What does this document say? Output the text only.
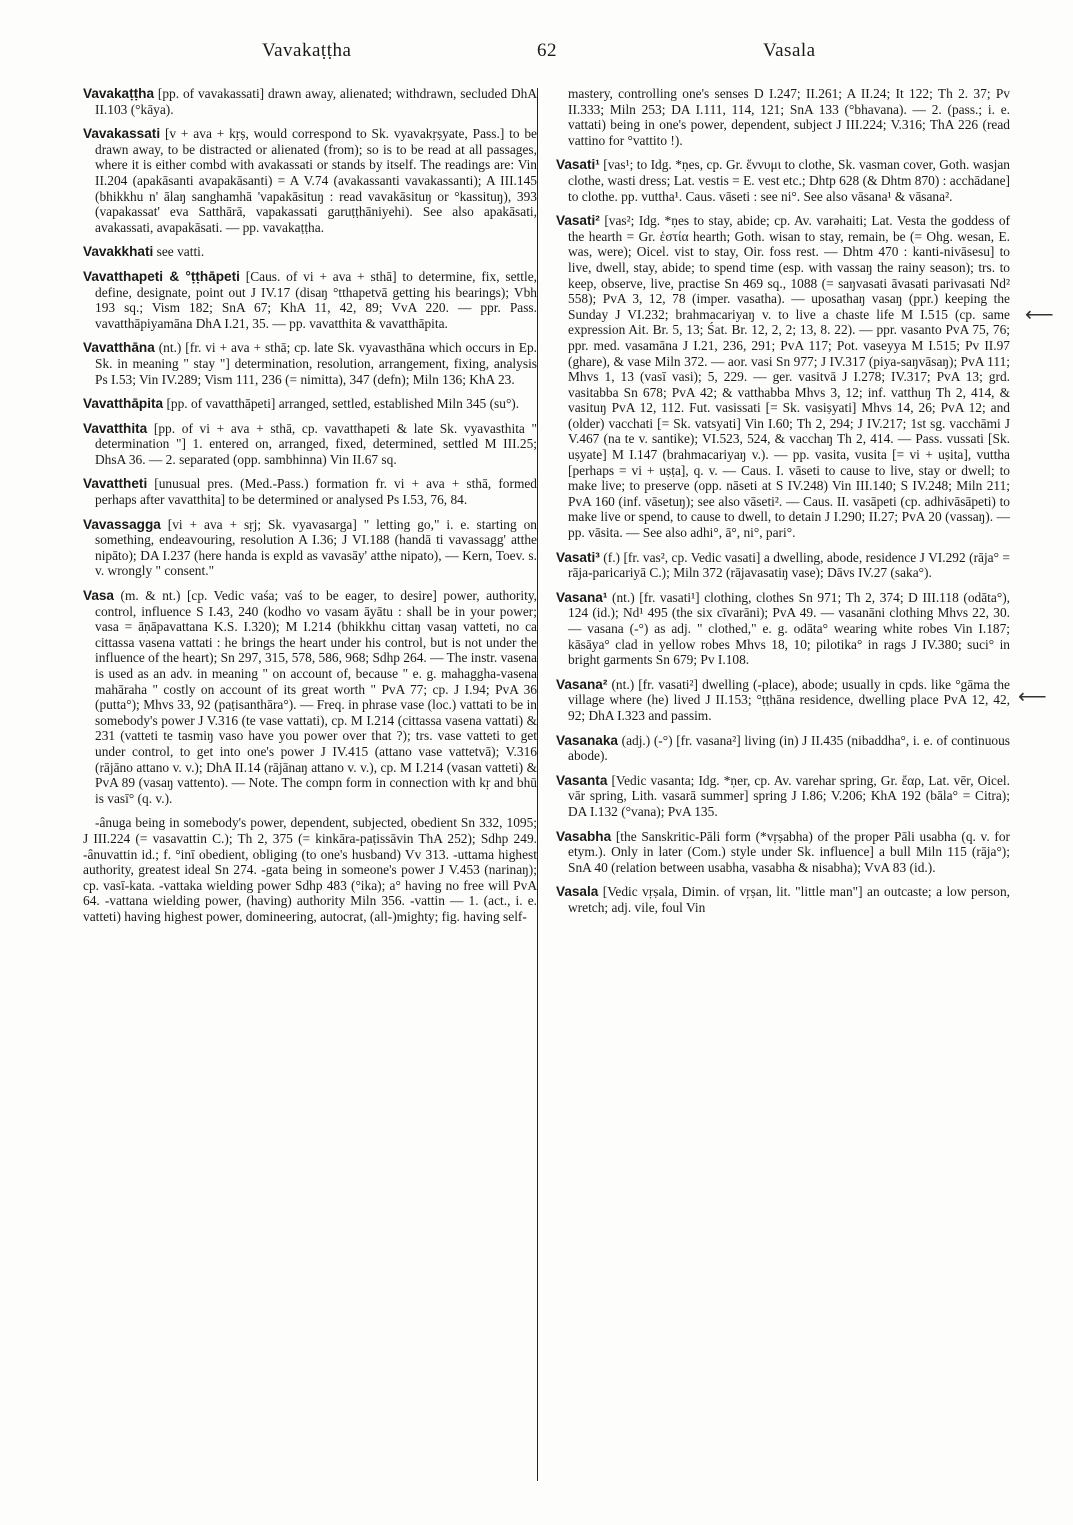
Vavakaṭṭha	62	Vasala

Vavakaṭṭha [pp. of vavakassati] drawn away, alienated; withdrawn, secluded DhA II.103 (°kāya).

Vavakassati [v + ava + kṛṣ, would correspond to Sk. vyavakṛṣyate, Pass.] to be drawn away, to be distracted or alienated (from); so is to be read at all passages, where it is either combd with avakassati or stands by itself. The readings are: Vin II.204 (apakāsanti avapakāsanti) = A V.74 (avakassanti vavakassanti); A III.145 (bhikkhu n' ālaŋ sanghamhā 'vapakāsituŋ : read vavakāsituŋ or °kassituŋ), 393 (vapakassat' eva Satthārā, vapakassati garuṭṭhāniyehi). See also apakāsati, avakassati, avapakāsati. — pp. vavakaṭṭha.

Vavakkhati see vatti.

Vavatthapeti & °ṭṭhāpeti [Caus. of vi + ava + sthā] to determine, fix, settle, define, designate, point out J IV.17 (disaŋ °tthapetvā getting his bearings); Vbh 193 sq.; Vism 182; SnA 67; KhA 11, 42, 89; VvA 220. — ppr. Pass. vavatthāpiyamāna DhA I.21, 35. — pp. vavatthita & vavatthāpita.

Vavatthāna (nt.) [fr. vi + ava + sthā; cp. late Sk. vyavasthāna which occurs in Ep. Sk. in meaning " stay "] determination, resolution, arrangement, fixing, analysis Ps I.53; Vin IV.289; Vism 111, 236 (= nimitta), 347 (defn); Miln 136; KhA 23.

Vavatthāpita [pp. of vavatthāpeti] arranged, settled, established Miln 345 (su°).

Vavatthita [pp. of vi + ava + sthā, cp. vavatthapeti & late Sk. vyavasthita " determination "] 1. entered on, arranged, fixed, determined, settled M III.25; DhsA 36. — 2. separated (opp. sambhinna) Vin II.67 sq.

Vavattheti [unusual pres. (Med.-Pass.) formation fr. vi + ava + sthā, formed perhaps after vavatthita] to be determined or analysed Ps I.53, 76, 84.

Vavassagga [vi + ava + sṛj; Sk. vyavasarga] " letting go," i. e. starting on something, endeavouring, resolution A I.36; J VI.188 (handā ti vavassagg' atthe nipāto); DA I.237 (here handa is expld as vavasāy' atthe nipato), — Kern, Toev. s. v. wrongly " consent."

Vasa (m. & nt.) [cp. Vedic vaśa; vaś to be eager, to desire] power, authority, control, influence S I.43, 240 (kodho vo vasam āyātu : shall be in your power; vasa = āṇāpavattana K.S. I.320); M I.214 (bhikkhu cittaŋ vasaŋ vatteti, no ca cittassa vasena vattati : he brings the heart under his control, but is not under the influence of the heart); Sn 297, 315, 578, 586, 968; Sdhp 264. — The instr. vasena is used as an adv. in meaning " on account of, because " e. g. mahaggha-vasena mahāraha " costly on account of its great worth " PvA 77; cp. J I.94; PvA 36 (putta°); Mhvs 33, 92 (paṭisanthāra°). — Freq. in phrase vase (loc.) vattati to be in somebody's power J V.316 (te vase vattati), cp. M I.214 (cittassa vasena vattati) & 231 (vatteti te tasmiŋ vaso have you power over that ?); trs. vase vatteti to get under control, to get into one's power J IV.415 (attano vase vattetvā); V.316 (rājāno attano v. v.); DhA II.14 (rājānaŋ attano v. v.), cp. M I.214 (vasan vatteti) & PvA 89 (vasaŋ vattento). — Note. The compn form in connection with kṛ and bhū is vasī° (q. v.).

-ânuga being in somebody's power, dependent, subjected, obedient Sn 332, 1095; J III.224 (= vasavattin C.); Th 2, 375 (= kinkāra-paṭissāvin ThA 252); Sdhp 249. -ânuvattin id.; f. °inī obedient, obliging (to one's husband) Vv 313. -uttama highest authority, greatest ideal Sn 274. -gata being in someone's power J V.453 (narinaŋ); cp. vasī-kata. -vattaka wielding power Sdhp 483 (°ika); a° having no free will PvA 64. -vattana wielding power, (having) authority Miln 356. -vattin — 1. (act., i. e. vatteti) having highest power, domineering, autocrat, (all-)mighty; fig. having self-

mastery, controlling one's senses D I.247; II.261; A II.24; It 122; Th 2. 37; Pv II.333; Miln 253; DA I.111, 114, 121; SnA 133 (°bhavana). — 2. (pass.; i. e. vattati) being in one's power, dependent, subject J III.224; V.316; ThA 226 (read vattino for °vattito !).

Vasati¹ [vas¹; to Idg. *ṇes, cp. Gr. ἕννυμι to clothe, Sk. vasman cover, Goth. wasjan clothe, wasti dress; Lat. vestis = E. vest etc.; Dhtp 628 (& Dhtm 870) : acchādane] to clothe. pp. vuttha¹. Caus. vāseti : see ni°. See also vāsana¹ & vāsana².

Vasati² [vas²; Idg. *ṇes to stay, abide; cp. Av. varəhaiti; Lat. Vesta the goddess of the hearth = Gr. ἑστία hearth; Goth. wisan to stay, remain, be (= Ohg. wesan, E. was, were); Oicel. vist to stay, Oir. foss rest. — Dhtm 470 : kanti-nivāsesu] to live, dwell, stay, abide; to spend time (esp. with vassaŋ the rainy season); trs. to keep, observe, live, practise Sn 469 sq., 1088 (= saŋvasati āvasati parivasati Nd² 558); PvA 3, 12, 78 (imper. vasatha). — uposathaŋ vasaŋ (ppr.) keeping the Sunday J VI.232; brahmacariyaŋ v. to live a chaste life M I.515 (cp. same expression Ait. Br. 5, 13; Śat. Br. 12, 2, 2; 13, 8. 22). — ppr. vasanto PvA 75, 76; ppr. med. vasamāna J I.21, 236, 291; PvA 117; Pot. vaseyya M I.515; Pv II.97 (ghare), & vase Miln 372. — aor. vasi Sn 977; J IV.317 (piya-saŋvāsaŋ); PvA 111; Mhvs 1, 13 (vasī vasi); 5, 229. — ger. vasitvā J I.278; IV.317; PvA 13; grd. vasitabba Sn 678; PvA 42; & vatthabba Mhvs 3, 12; inf. vatthuŋ Th 2, 414, & vasituŋ PvA 12, 112. Fut. vasissati [= Sk. vasiṣyati] Mhvs 14, 26; PvA 12; and (older) vacchati [= Sk. vatsyati] Vin I.60; Th 2, 294; J IV.217; 1st sg. vacchāmi J V.467 (na te v. santike); VI.523, 524, & vacchaŋ Th 2, 414. — Pass. vussati [Sk. uṣyate] M I.147 (brahmacariyaŋ v.). — pp. vasita, vusita [= vi + uṣita], vuttha [perhaps = vi + uṣṭa], q. v. — Caus. I. vāseti to cause to live, stay or dwell; to make live; to preserve (opp. nāseti at S IV.248) Vin III.140; S IV.248; Miln 211; PvA 160 (inf. vāsetuŋ); see also vāseti². — Caus. II. vasāpeti (cp. adhivāsāpeti) to make live or spend, to cause to dwell, to detain J I.290; II.27; PvA 20 (vassaŋ). — pp. vāsita. — See also adhi°, ā°, ni°, pari°.

Vasati³ (f.) [fr. vas², cp. Vedic vasati] a dwelling, abode, residence J VI.292 (rāja° = rāja-paricariyā C.); Miln 372 (rājavasatiŋ vase); Dāvs IV.27 (saka°).

Vasana¹ (nt.) [fr. vasati¹] clothing, clothes Sn 971; Th 2, 374; D III.118 (odāta°), 124 (id.); Nd¹ 495 (the six cīvarāni); PvA 49. — vasanāni clothing Mhvs 22, 30. — vasana (-°) as adj. " clothed," e. g. odāta° wearing white robes Vin I.187; kāsāya° clad in yellow robes Mhvs 18, 10; pilotika° in rags J IV.380; suci° in bright garments Sn 679; Pv I.108.

Vasana² (nt.) [fr. vasati²] dwelling (-place), abode; usually in cpds. like °gāma the village where (he) lived J II.153; °ṭṭhāna residence, dwelling place PvA 12, 42, 92; DhA I.323 and passim.

Vasanaka (adj.) (-°) [fr. vasana²] living (in) J II.435 (nibaddha°, i. e. of continuous abode).

Vasanta [Vedic vasanta; Idg. *ṇer, cp. Av. varehar spring, Gr. ἔαρ, Lat. vēr, Oicel. vār spring, Lith. vasarā summer] spring J I.86; V.206; KhA 192 (bāla° = Citra); DA I.132 (°vana); PvA 135.

Vasabha [the Sanskritic-Pāli form (*vṛṣabha) of the proper Pāli usabha (q. v. for etym.). Only in later (Com.) style under Sk. influence] a bull Miln 115 (rāja°); SnA 40 (relation between usabha, vasabha & nisabha); VvA 83 (id.).

Vasala [Vedic vṛṣala, Dimin. of vṛṣan, lit. "little man"] an outcaste; a low person, wretch; adj. vile, foul Vin

⟵
⟵
